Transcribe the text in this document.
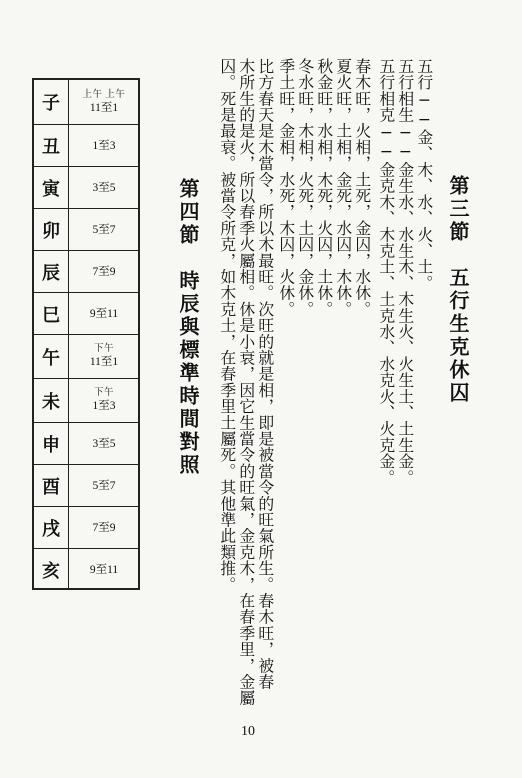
第三節　五行生克休囚
五行──金、木、水、火、土。
五行相生──金生水、水生木、木生火、火生土、土生金。
五行相克──金克木、木克土、土克水、水克火、火克金。
春木旺，火相，土死，金囚，水休。
夏火旺，土相，金死，水囚，木休。
秋金旺，水相，木死，火囚，土休。
冬水旺，木相，火死，土囚，金休。
季土旺，金相，水死，木囚，火休。
比方春天是木當令，所以木最旺。次旺的就是相，即是被當令的旺氣所生。春木旺，被春
木所生的是火，所以春季火屬相。休是小衰，因它生當令的旺氣，金克木，在春季里，金屬
囚。死是最衰。被當令所克，如木克土，在春季里土屬死。其他準此類推。
第四節　時辰與標準時間對照
子	上午 上午
11至1
丑	1至3
寅	3至5
卯	5至7
辰	7至9
巳	9至11
午	下午
11至1
未	下午
1至3
申	3至5
酉	5至7
戌	7至9
亥	9至11
10
